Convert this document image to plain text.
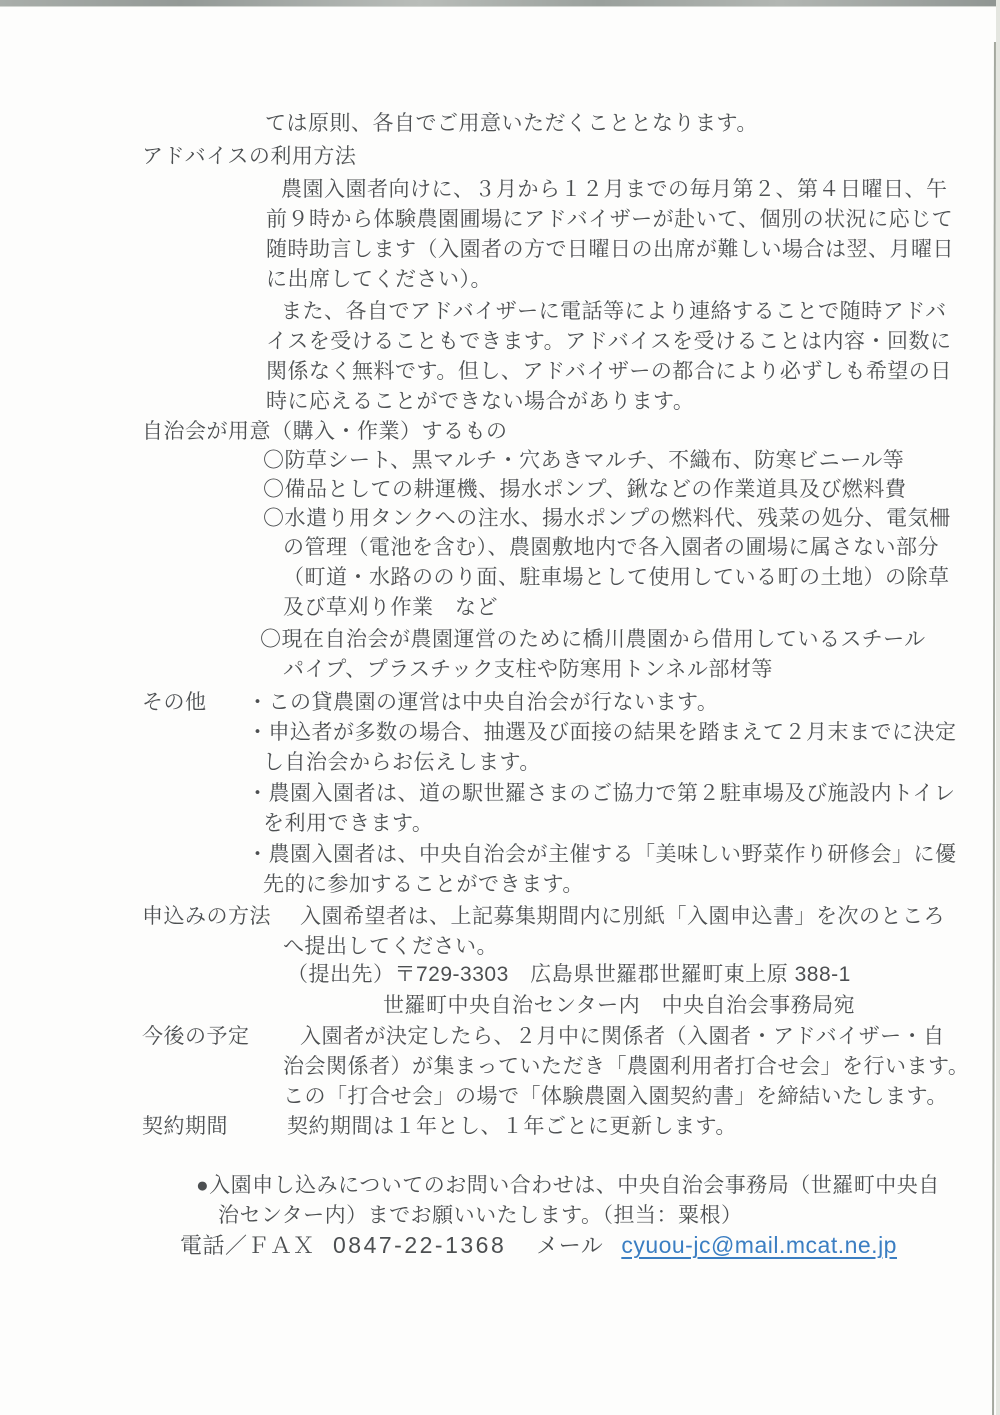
ては原則、各自でご用意いただくこととなります。
アドバイスの利用方法
農園入園者向けに、３月から１２月までの毎月第２、第４日曜日、午
前９時から体験農園圃場にアドバイザーが赴いて、個別の状況に応じて
随時助言します（入園者の方で日曜日の出席が難しい場合は翌、月曜日
に出席してください）。
また、各自でアドバイザーに電話等により連絡することで随時アドバ
イスを受けることもできます。アドバイスを受けることは内容・回数に
関係なく無料です。但し、アドバイザーの都合により必ずしも希望の日
時に応えることができない場合があります。
自治会が用意（購入・作業）するもの
〇防草シート、黒マルチ・穴あきマルチ、不織布、防寒ビニール等
〇備品としての耕運機、揚水ポンプ、鍬などの作業道具及び燃料費
〇水遣り用タンクへの注水、揚水ポンプの燃料代、残菜の処分、電気柵
の管理（電池を含む）、農園敷地内で各入園者の圃場に属さない部分
（町道・水路ののり面、駐車場として使用している町の土地）の除草
及び草刈り作業　など
〇現在自治会が農園運営のために橋川農園から借用しているスチール
パイプ、プラスチック支柱や防寒用トンネル部材等
その他 ・この貸農園の運営は中央自治会が行ないます。
・申込者が多数の場合、抽選及び面接の結果を踏まえて２月末までに決定
し自治会からお伝えします。
・農園入園者は、道の駅世羅さまのご協力で第２駐車場及び施設内トイレ
を利用できます。
・農園入園者は、中央自治会が主催する「美味しい野菜作り研修会」に優
先的に参加することができます。
申込みの方法 入園希望者は、上記募集期間内に別紙「入園申込書」を次のところ
へ提出してください。
（提出先）〒729-3303　広島県世羅郡世羅町東上原 388-1
世羅町中央自治センター内　中央自治会事務局宛
今後の予定 入園者が決定したら、２月中に関係者（入園者・アドバイザー・自
治会関係者）が集まっていただき「農園利用者打合せ会」を行います。
この「打合せ会」の場で「体験農園入園契約書」を締結いたします。
契約期間	契約期間は１年とし、１年ごとに更新します。
●入園申し込みについてのお問い合わせは、中央自治会事務局（世羅町中央自
治センター内）までお願いいたします。（担当：粟根）
電話／ＦＡＸ 0847-22-1368 メール cyuou-jc@mail.mcat.ne.jp
